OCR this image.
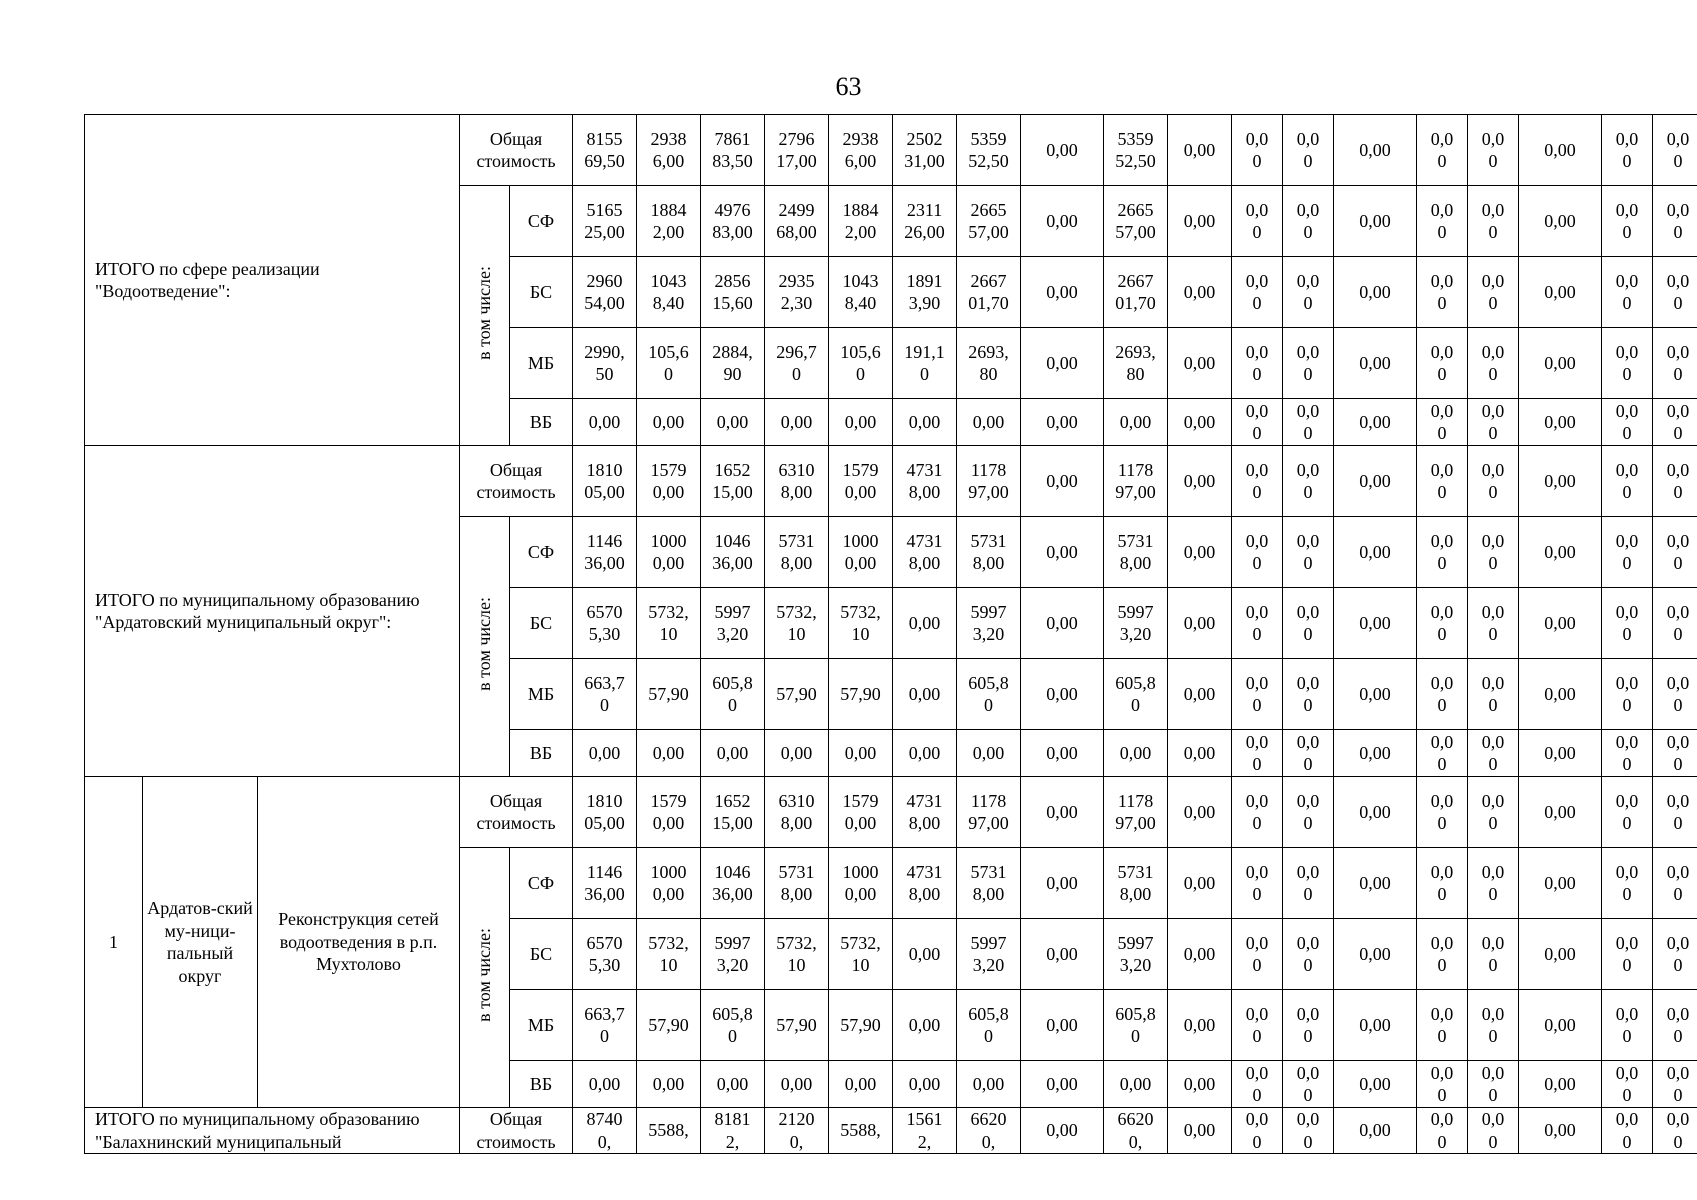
63
ИТОГО по сфере реализации "Водоотведение":			Общая стоимость		815569,50	29386,00	786183,50	279617,00	29386,00	250231,00	535952,50	0,00	535952,50	0,00	0,00	0,00	0,00	0,00	0,00	0,00	0,00	0,00
			в том числе:	СФ	516525,00	18842,00	497683,00	249968,00	18842,00	231126,00	266557,00	0,00	266557,00	0,00	0,00	0,00	0,00	0,00	0,00	0,00	0,00	0,00
				БС	296054,00	10438,40	285615,60	29352,30	10438,40	18913,90	266701,70	0,00	266701,70	0,00	0,00	0,00	0,00	0,00	0,00	0,00	0,00	0,00
				МБ	2990,50	105,60	2884,90	296,70	105,60	191,10	2693,80	0,00	2693,80	0,00	0,00	0,00	0,00	0,00	0,00	0,00	0,00	0,00
				ВБ	0,00	0,00	0,00	0,00	0,00	0,00	0,00	0,00	0,00	0,00	0,00	0,00	0,00	0,00	0,00	0,00	0,00	0,00
ИТОГО по муниципальному образованию "Ардатовский муниципальный округ":			Общая стоимость		181005,00	15790,00	165215,00	63108,00	15790,00	47318,00	117897,00	0,00	117897,00	0,00	0,00	0,00	0,00	0,00	0,00	0,00	0,00	0,00
			в том числе:	СФ	114636,00	10000,00	104636,00	57318,00	10000,00	47318,00	57318,00	0,00	57318,00	0,00	0,00	0,00	0,00	0,00	0,00	0,00	0,00	0,00
				БС	65705,30	5732,10	59973,20	5732,10	5732,10	0,00	59973,20	0,00	59973,20	0,00	0,00	0,00	0,00	0,00	0,00	0,00	0,00	0,00
				МБ	663,70	57,90	605,80	57,90	57,90	0,00	605,80	0,00	605,80	0,00	0,00	0,00	0,00	0,00	0,00	0,00	0,00	0,00
				ВБ	0,00	0,00	0,00	0,00	0,00	0,00	0,00	0,00	0,00	0,00	0,00	0,00	0,00	0,00	0,00	0,00	0,00	0,00
1	Ардатов-ский му-ници-пальный округ	Реконструкция сетей водоотведения в р.п. Мухтолово	Общая стоимость		181005,00	15790,00	165215,00	63108,00	15790,00	47318,00	117897,00	0,00	117897,00	0,00	0,00	0,00	0,00	0,00	0,00	0,00	0,00	0,00
			в том числе:	СФ	114636,00	10000,00	104636,00	57318,00	10000,00	47318,00	57318,00	0,00	57318,00	0,00	0,00	0,00	0,00	0,00	0,00	0,00	0,00	0,00
				БС	65705,30	5732,10	59973,20	5732,10	5732,10	0,00	59973,20	0,00	59973,20	0,00	0,00	0,00	0,00	0,00	0,00	0,00	0,00	0,00
				МБ	663,70	57,90	605,80	57,90	57,90	0,00	605,80	0,00	605,80	0,00	0,00	0,00	0,00	0,00	0,00	0,00	0,00	0,00
				ВБ	0,00	0,00	0,00	0,00	0,00	0,00	0,00	0,00	0,00	0,00	0,00	0,00	0,00	0,00	0,00	0,00	0,00	0,00
ИТОГО по муниципальному образованию "Балахнинский муниципальный			Общая стоимость		87400,	5588,	81812,	21200,	5588,	15612,	66200,	0,00	66200,	0,00	0,00	0,00	0,00	0,00	0,00	0,00	0,00	0,00
